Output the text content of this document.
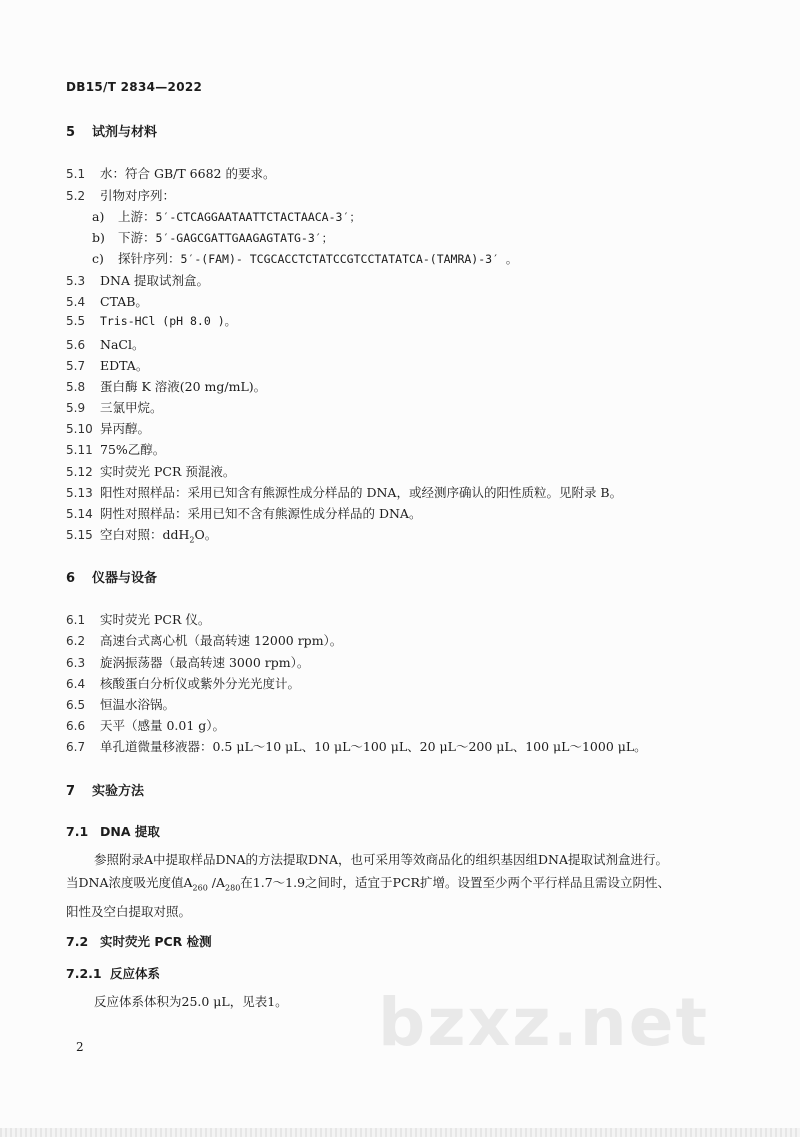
DB15/T 2834—2022
5 试剂与材料
5.1 水：符合 GB/T 6682 的要求。
5.2 引物对序列：
a) 上游：5′-CTCAGGAATAATTCTACTAACA-3′；
b) 下游：5′-GAGCGATTGAAGAGTATG-3′；
c) 探针序列：5′-(FAM)- TCGCACCTCTATCCGTCCTATATCA-(TAMRA)-3′ 。
5.3 DNA 提取试剂盒。
5.4 CTAB。
5.5 Tris-HCl (pH 8.0 )。
5.6 NaCl。
5.7 EDTA。
5.8 蛋白酶 K 溶液(20 mg/mL)。
5.9 三氯甲烷。
5.10 异丙醇。
5.11 75%乙醇。
5.12 实时荧光 PCR 预混液。
5.13 阳性对照样品：采用已知含有熊源性成分样品的 DNA，或经测序确认的阳性质粒。见附录 B。
5.14 阴性对照样品：采用已知不含有熊源性成分样品的 DNA。
5.15 空白对照：ddH$_2$O。
6 仪器与设备
6.1 实时荧光 PCR 仪。
6.2 高速台式离心机（最高转速 12000 rpm）。
6.3 旋涡振荡器（最高转速 3000 rpm）。
6.4 核酸蛋白分析仪或紫外分光光度计。
6.5 恒温水浴锅。
6.6 天平（感量 0.01 g）。
6.7 单孔道微量移液器：0.5 μL～10 μL、10 μL～100 μL、20 μL～200 μL、100 μL～1000 μL。
7 实验方法
7.1 DNA 提取
参照附录A中提取样品DNA的方法提取DNA，也可采用等效商品化的组织基因组DNA提取试剂盒进行。
当DNA浓度吸光度值$A_{260}$ $/A_{280}$在1.7～1.9之间时，适宜于PCR扩增。设置至少两个平行样品且需设立阴性、
阳性及空白提取对照。
7.2 实时荧光 PCR 检测
7.2.1 反应体系
反应体系体积为25.0 μL，见表1。	bzxz.net
2
